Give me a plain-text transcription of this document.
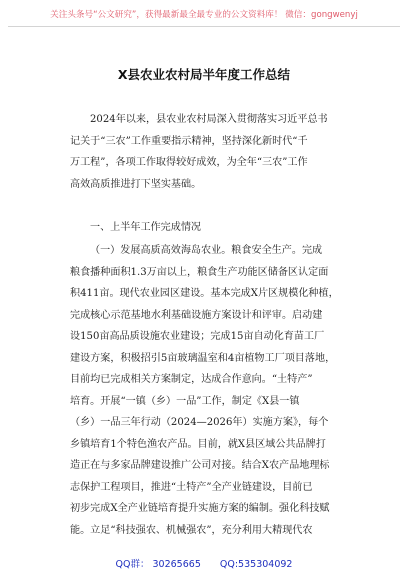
关注头条号“公文研究”，获得最新最全最专业的公文资料库！ 微信：gongwenyj
X县农业农村局半年度工作总结
2024年以来，县农业农村局深入贯彻落实习近平总书
记关于“三农”工作重要指示精神，坚持深化新时代“千
万工程”，各项工作取得较好成效，为全年“三农”工作
高效高质推进打下坚实基础。
一、上半年工作完成情况
（一）发展高质高效海岛农业。粮食安全生产。完成
粮食播种面积1.3万亩以上，粮食生产功能区储备区认定面
积411亩。现代农业园区建设。基本完成X片区规模化种植，
完成核心示范基地水利基础设施方案设计和评审。启动建
设150亩高品质设施农业建设；完成15亩自动化育苗工厂
建设方案，积极招引5亩玻璃温室和4亩植物工厂项目落地，
目前均已完成相关方案制定，达成合作意向。“土特产”
培育。开展“一镇（乡）一品”工作，制定《X县一镇
（乡）一品三年行动（2024—2026年）实施方案》，每个
乡镇培育1个特色渔农产品。目前，就X县区域公共品牌打
造正在与多家品牌建设推广公司对接。结合X农产品地理标
志保护工程项目，推进“土特产”全产业链建设，目前已
初步完成X全产业链培育提升实施方案的编制。强化科技赋
能。立足“科技强农、机械强农”，充分利用大精现代农
QQ群： 30265665 QQ:535304092
